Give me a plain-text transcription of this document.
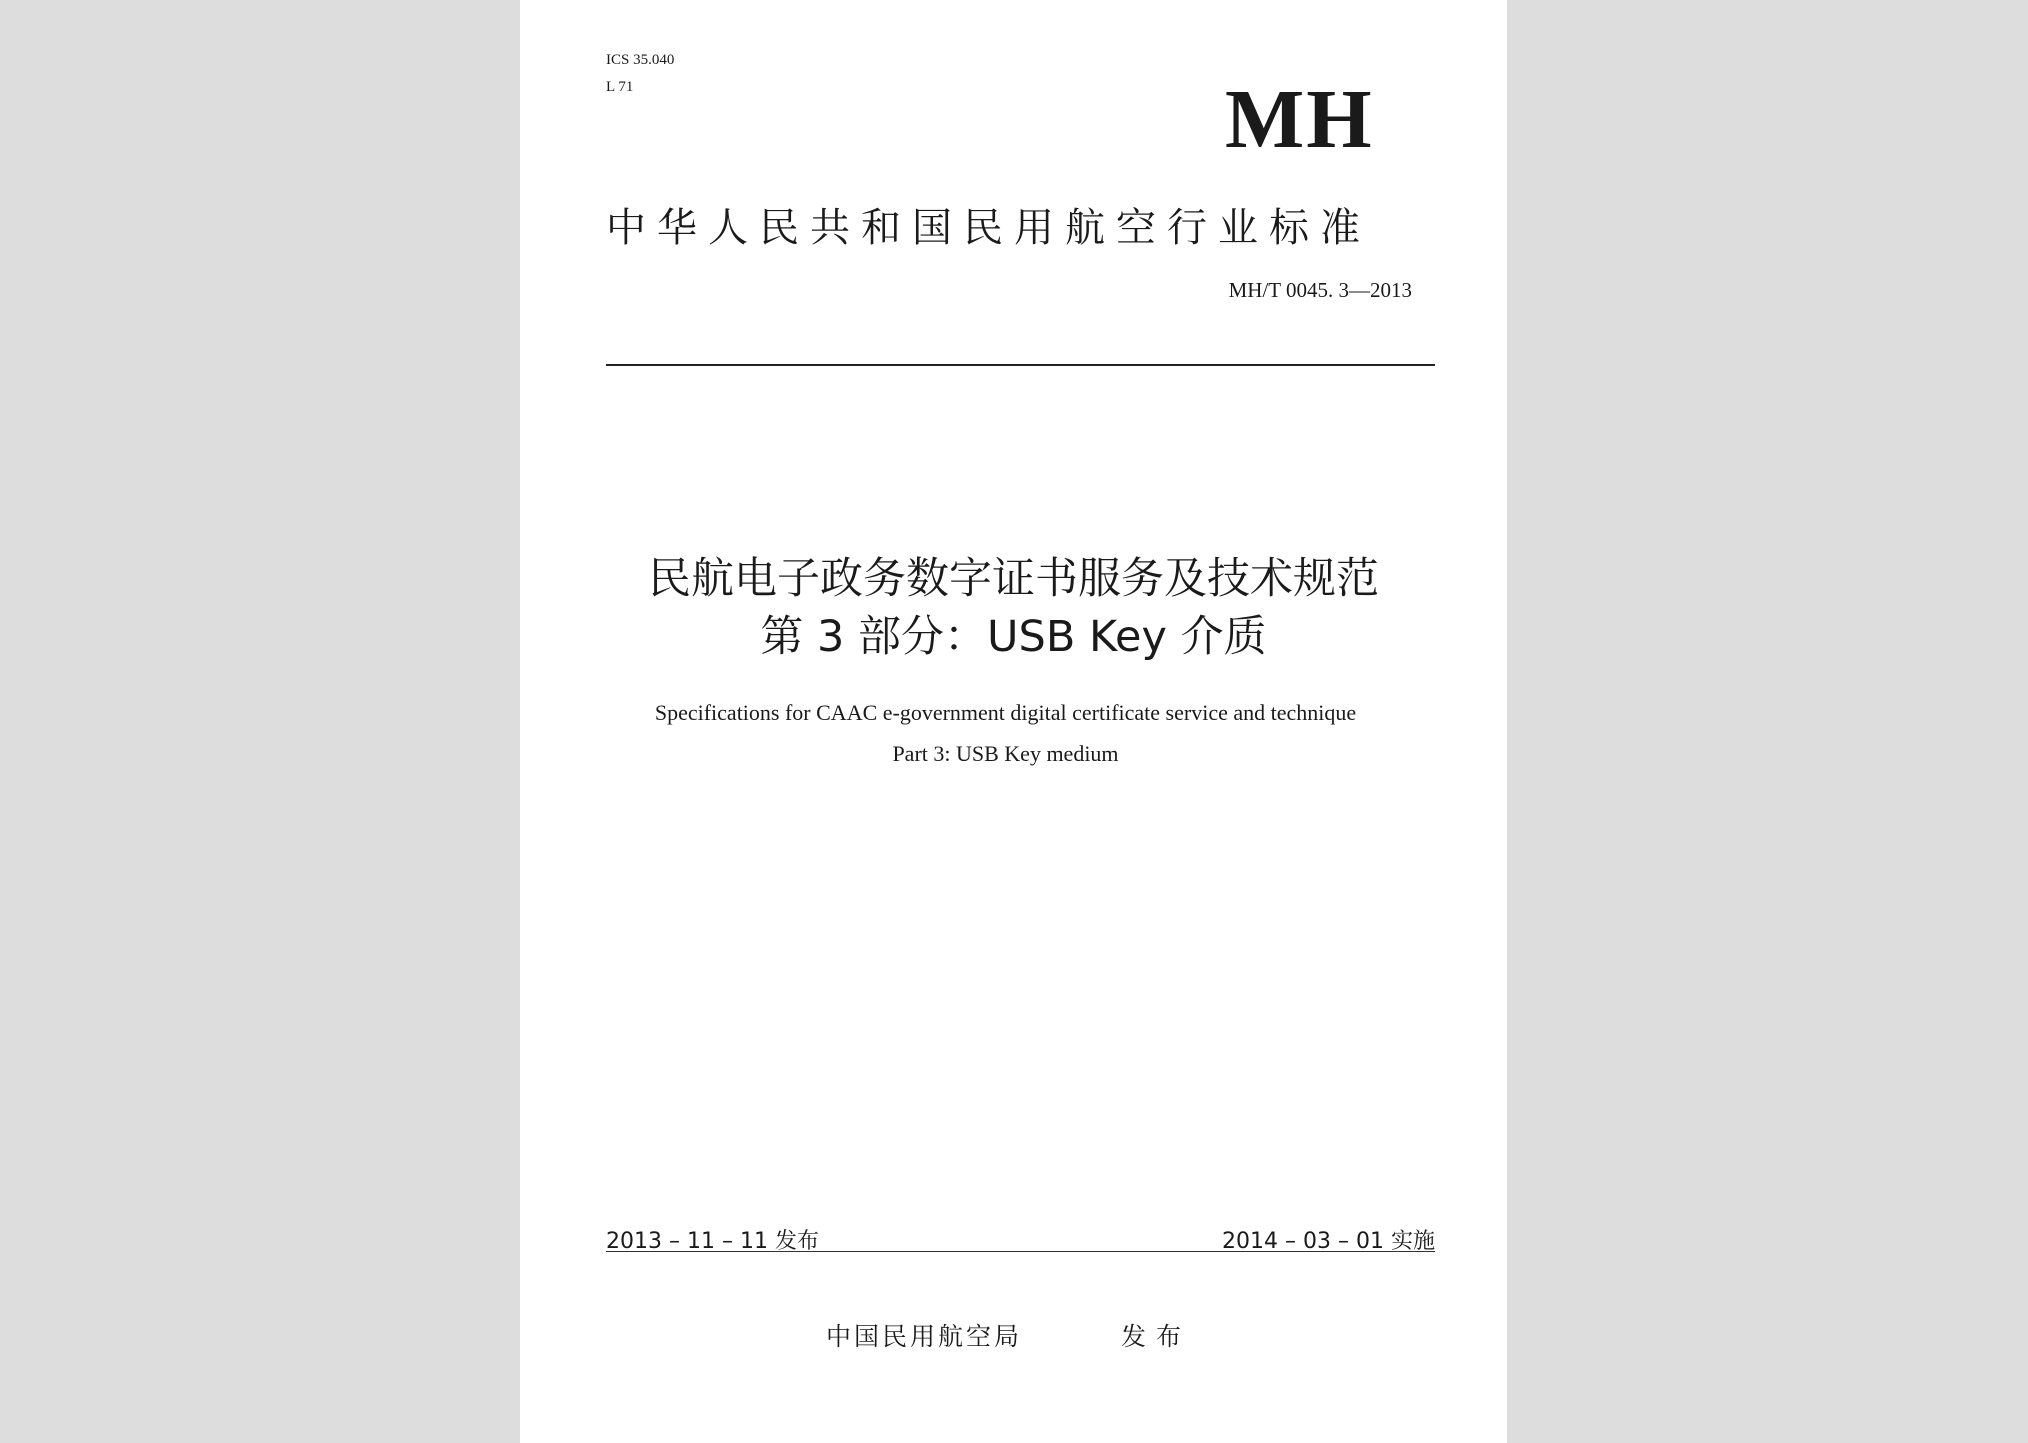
ICS 35.040
L 71	MH
中华人民共和国民用航空行业标准
MH/T 0045. 3—2013
民航电子政务数字证书服务及技术规范
第 3 部分：USB Key 介质
Specifications for CAAC e-government digital certificate service and technique
Part 3: USB Key medium
2013 – 11 – 11 发布	2014 – 03 – 01 实施
中国民用航空局	发布
